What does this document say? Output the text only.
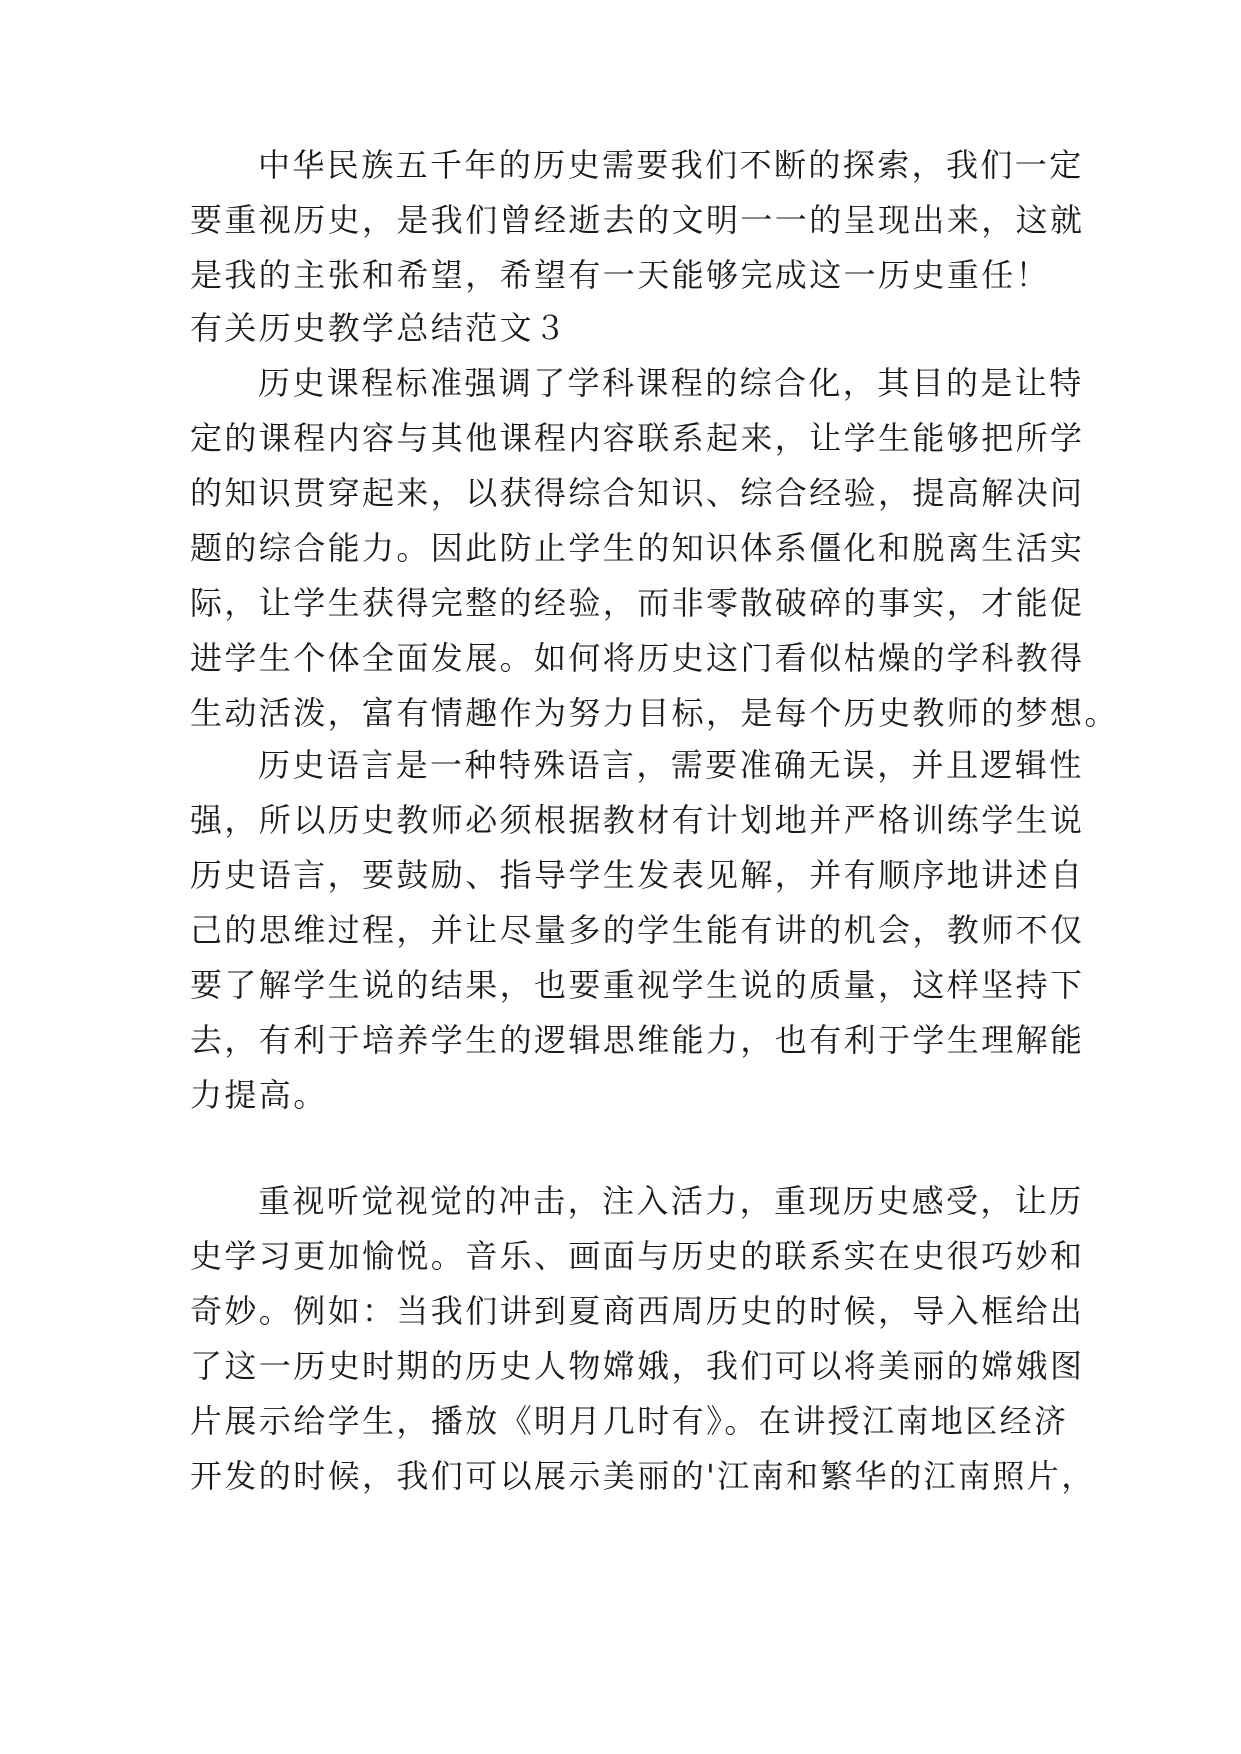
中华民族五千年的历史需要我们不断的探索，我们一定
要重视历史，是我们曾经逝去的文明一一的呈现出来，这就
是我的主张和希望，希望有一天能够完成这一历史重任！
有关历史教学总结范文３
历史课程标准强调了学科课程的综合化，其目的是让特
定的课程内容与其他课程内容联系起来，让学生能够把所学
的知识贯穿起来，以获得综合知识、综合经验，提高解决问
题的综合能力。因此防止学生的知识体系僵化和脱离生活实
际，让学生获得完整的经验，而非零散破碎的事实，才能促
进学生个体全面发展。如何将历史这门看似枯燥的学科教得
生动活泼，富有情趣作为努力目标，是每个历史教师的梦想。
历史语言是一种特殊语言，需要准确无误，并且逻辑性
强，所以历史教师必须根据教材有计划地并严格训练学生说
历史语言，要鼓励、指导学生发表见解，并有顺序地讲述自
己的思维过程，并让尽量多的学生能有讲的机会，教师不仅
要了解学生说的结果，也要重视学生说的质量，这样坚持下
去，有利于培养学生的逻辑思维能力，也有利于学生理解能
力提高。
重视听觉视觉的冲击，注入活力，重现历史感受，让历
史学习更加愉悦。音乐、画面与历史的联系实在史很巧妙和
奇妙。例如：当我们讲到夏商西周历史的时候，导入框给出
了这一历史时期的历史人物嫦娥，我们可以将美丽的嫦娥图
片展示给学生，播放《明月几时有》。在讲授江南地区经济
开发的时候，我们可以展示美丽的'江南和繁华的江南照片，
